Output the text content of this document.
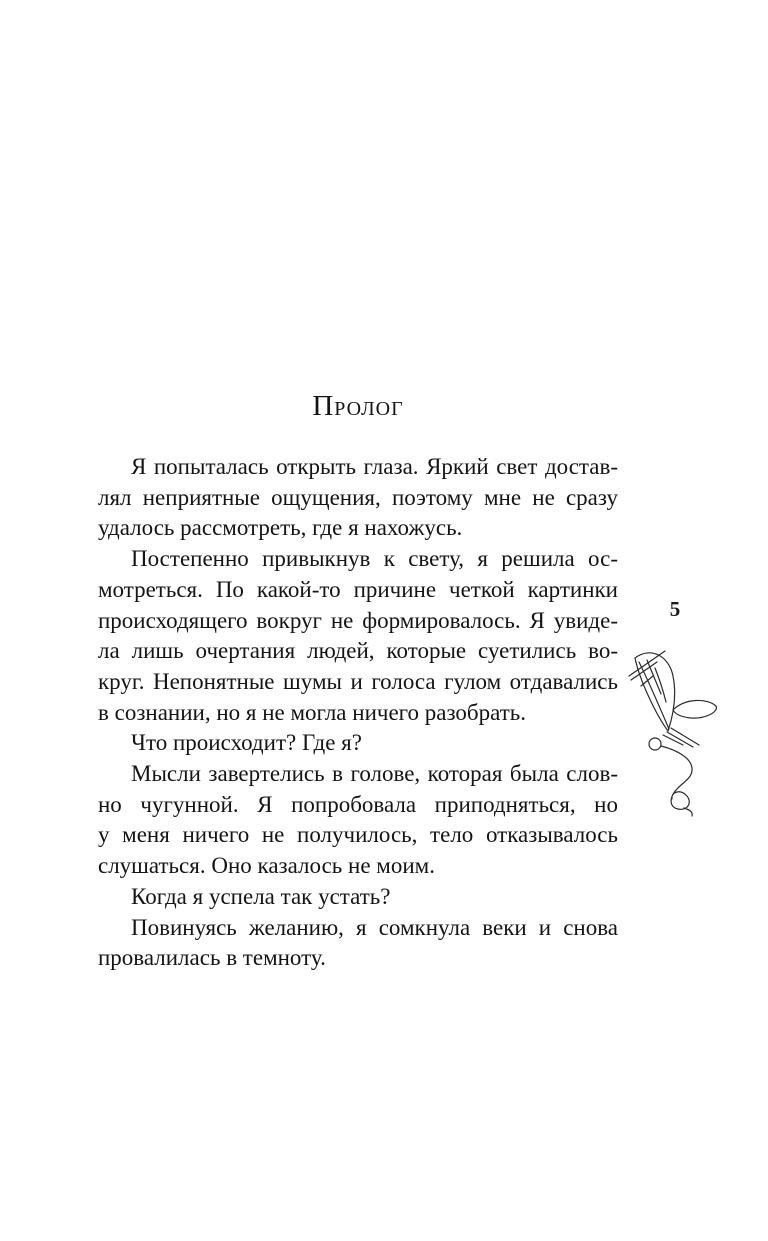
Пролог
Я попыталась открыть глаза. Яркий свет достав-
лял неприятные ощущения, поэтому мне не сразу
удалось рассмотреть, где я нахожусь.
Постепенно привыкнув к свету, я решила ос-
мотреться. По какой-то причине четкой картинки
происходящего вокруг не формировалось. Я увиде-
ла лишь очертания людей, которые суетились во-
круг. Непонятные шумы и голоса гулом отдавались
в сознании, но я не могла ничего разобрать.
Что происходит? Где я?
Мысли завертелись в голове, которая была слов-
но чугунной. Я попробовала приподняться, но
у меня ничего не получилось, тело отказывалось
слушаться. Оно казалось не моим.
Когда я успела так устать?
Повинуясь желанию, я сомкнула веки и снова
провалилась в темноту.
5
